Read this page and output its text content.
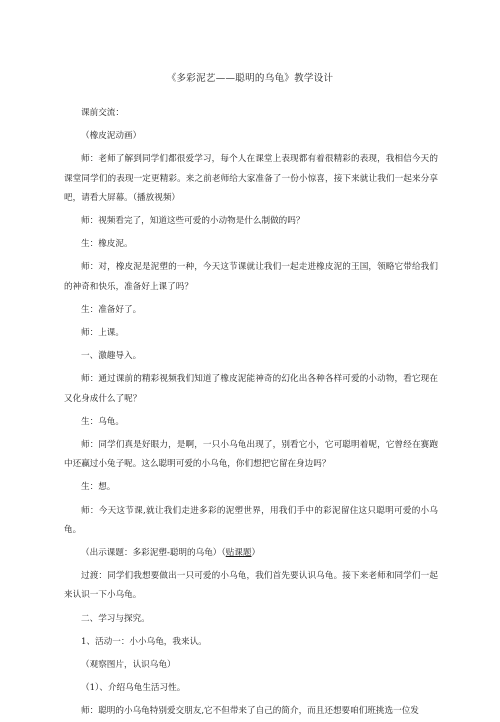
《多彩泥艺——聪明的乌龟》教学设计

课前交流：

（橡皮泥动画）

师：老师了解到同学们都很爱学习，每个人在课堂上表现都有着很精彩的表现，我相信今天的课堂同学们的表现一定更精彩。来之前老师给大家准备了一份小惊喜，接下来就让我们一起来分享吧，请看大屏幕。（播放视频）

师：视频看完了，知道这些可爱的小动物是什么制做的吗？

生：橡皮泥。

师：对，橡皮泥是泥塑的一种，今天这节课就让我们一起走进橡皮泥的王国，领略它带给我们的神奇和快乐，准备好上课了吗？

生：准备好了。

师：上课。

一、激趣导入。

师：通过课前的精彩视频我们知道了橡皮泥能神奇的幻化出各种各样可爱的小动物，看它现在又化身成什么了呢？

生：乌龟。

师：同学们真是好眼力，是啊，一只小乌龟出现了，别看它小，它可聪明着呢，它曾经在赛跑中还赢过小兔子呢。这么聪明可爱的小乌龟，你们想把它留在身边吗？

生：想。

师：今天这节课,就让我们走进多彩的泥塑世界，用我们手中的彩泥留住这只聪明可爱的小乌龟。

（出示课题：多彩泥塑-聪明的乌龟）（贴课题）

过渡：同学们我想要做出一只可爱的小乌龟，我们首先要认识乌龟。接下来老师和同学们一起来认识一下小乌龟。

二、学习与探究。

1、活动一：小小乌龟，我来认。

（观察图片，认识乌龟）

（1）、介绍乌龟生活习性。

师：聪明的小乌龟特别爱交朋友,它不但带来了自己的简介，而且还想要咱们班挑选一位发
